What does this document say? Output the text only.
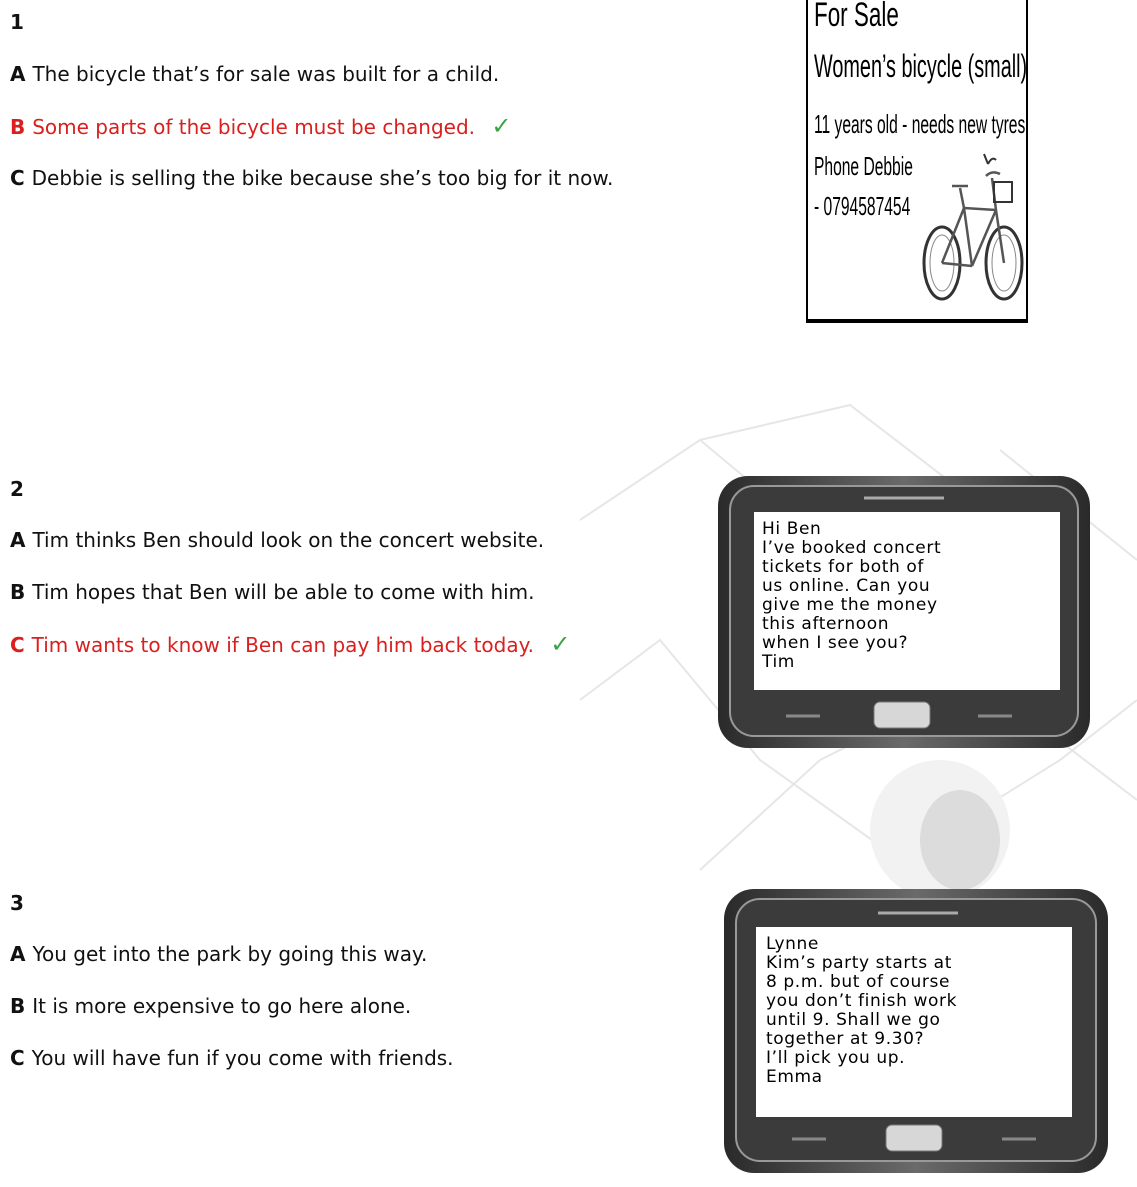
1
A The bicycle that’s for sale was built for a child.
B Some parts of the bicycle must be changed. ✓
C Debbie is selling the bike because she’s too big for it now.
For Sale
Women’s bicycle (small)
11 years old - needs new tyres
Phone Debbie
- 0794587454
2
A Tim thinks Ben should look on the concert website.
B Tim hopes that Ben will be able to come with him.
C Tim wants to know if Ben can pay him back today. ✓
Hi Ben
I’ve booked concert
tickets for both of
us online. Can you
give me the money
this afternoon
when I see you?
Tim
3
A You get into the park by going this way.
B It is more expensive to go here alone.
C You will have fun if you come with friends.
Lynne
Kim’s party starts at
8 p.m. but of course
you don’t finish work
until 9. Shall we go
together at 9.30?
I’ll pick you up.
Emma
